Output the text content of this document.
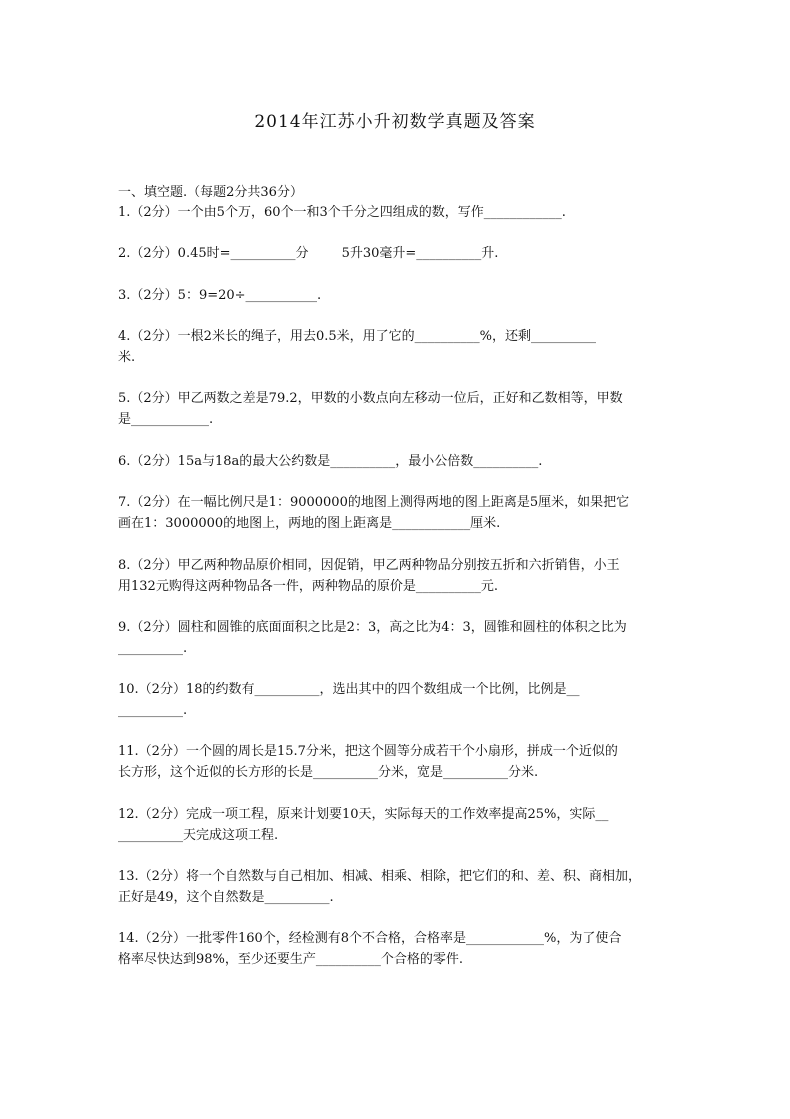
2014年江苏小升初数学真题及答案
一、填空题.（每题2分共36分）
1.（2分）一个由5个万，60个一和3个千分之四组成的数，写作____________.
2.（2分）0.45时=__________分        5升30毫升=__________升.
3.（2分）5：9=20÷___________.
4.（2分）一根2米长的绳子，用去0.5米，用了它的__________%，还剩__________
米.
5.（2分）甲乙两数之差是79.2，甲数的小数点向左移动一位后，正好和乙数相等，甲数
是____________.
6.（2分）15a与18a的最大公约数是__________，最小公倍数__________.
7.（2分）在一幅比例尺是1：9000000的地图上测得两地的图上距离是5厘米，如果把它
画在1：3000000的地图上，两地的图上距离是____________厘米.
8.（2分）甲乙两种物品原价相同，因促销，甲乙两种物品分别按五折和六折销售，小王
用132元购得这两种物品各一件，两种物品的原价是__________元.
9.（2分）圆柱和圆锥的底面面积之比是2：3，高之比为4：3，圆锥和圆柱的体积之比为
__________.
10.（2分）18的约数有__________，选出其中的四个数组成一个比例，比例是__
__________.
11.（2分）一个圆的周长是15.7分米，把这个圆等分成若干个小扇形，拼成一个近似的
长方形，这个近似的长方形的长是__________分米，宽是__________分米.
12.（2分）完成一项工程，原来计划要10天，实际每天的工作效率提高25%，实际__
__________天完成这项工程.
13.（2分）将一个自然数与自己相加、相减、相乘、相除，把它们的和、差、积、商相加，
正好是49，这个自然数是__________.
14.（2分）一批零件160个，经检测有8个不合格，合格率是____________%，为了使合
格率尽快达到98%，至少还要生产__________个合格的零件.
